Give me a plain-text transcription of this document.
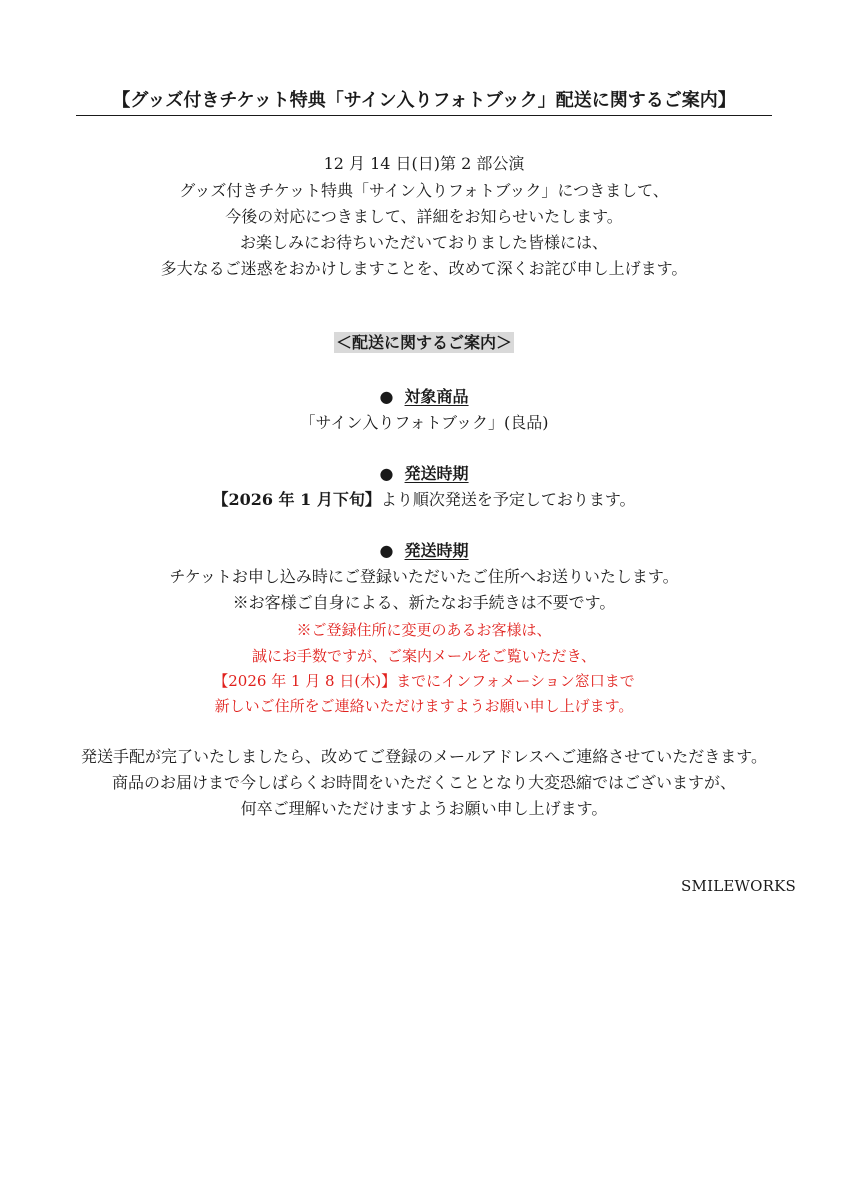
【グッズ付きチケット特典「サイン入りフォトブック」配送に関するご案内】
12 月 14 日(日)第 2 部公演
グッズ付きチケット特典「サイン入りフォトブック」につきまして、
今後の対応につきまして、詳細をお知らせいたします。
お楽しみにお待ちいただいておりました皆様には、
多大なるご迷惑をおかけしますことを、改めて深くお詫び申し上げます。
＜配送に関するご案内＞
● 対象商品
「サイン入りフォトブック」(良品)
● 発送時期
【2026 年 1 月下旬】より順次発送を予定しております。
● 発送時期
チケットお申し込み時にご登録いただいたご住所へお送りいたします。
※お客様ご自身による、新たなお手続きは不要です。
※ご登録住所に変更のあるお客様は、
誠にお手数ですが、ご案内メールをご覧いただき、
【2026 年 1 月 8 日(木)】までにインフォメーション窓口まで
新しいご住所をご連絡いただけますようお願い申し上げます。
発送手配が完了いたしましたら、改めてご登録のメールアドレスへご連絡させていただきます。
商品のお届けまで今しばらくお時間をいただくこととなり大変恐縮ではございますが、
何卒ご理解いただけますようお願い申し上げます。
SMILEWORKS
